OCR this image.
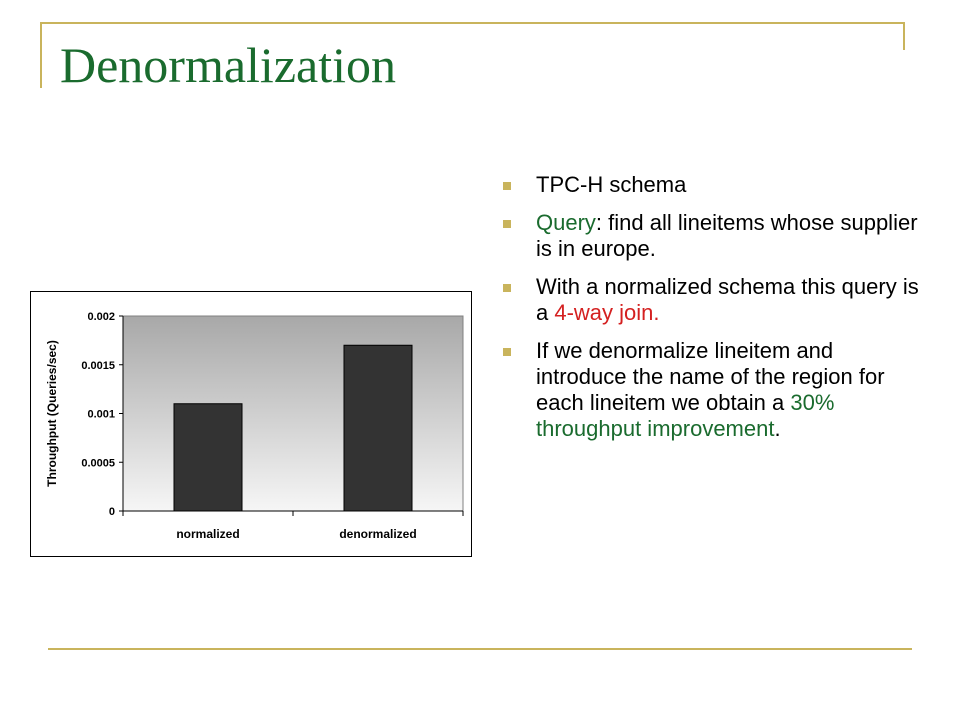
Denormalization
TPC-H schema
Query: find all lineitems whose supplier is in europe.
With a normalized schema this query is a 4-way join.
If we denormalize lineitem and introduce the name of the region for each lineitem we obtain a 30% throughput improvement.
0
0.0005
0.001
0.0015
0.002
normalized	denormalized
Throughput (Queries/sec)
